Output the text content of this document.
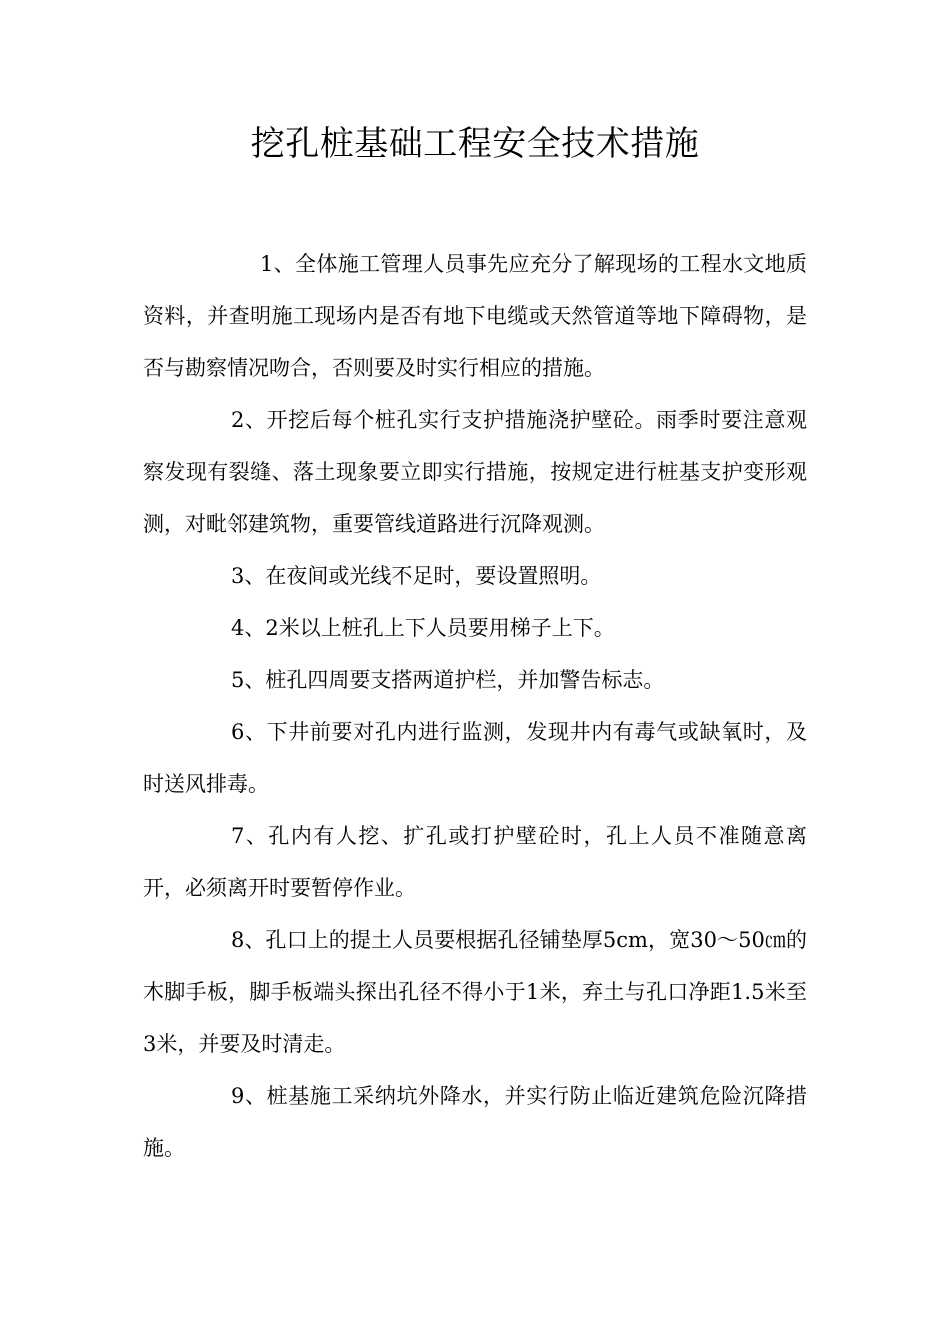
挖孔桩基础工程安全技术措施

1、全体施工管理人员事先应充分了解现场的工程水文地质资料，并查明施工现场内是否有地下电缆或天然管道等地下障碍物，是否与勘察情况吻合，否则要及时实行相应的措施。

2、开挖后每个桩孔实行支护措施浇护壁砼。雨季时要注意观察发现有裂缝、落土现象要立即实行措施，按规定进行桩基支护变形观测，对毗邻建筑物，重要管线道路进行沉降观测。

3、在夜间或光线不足时，要设置照明。

4、2米以上桩孔上下人员要用梯子上下。

5、桩孔四周要支搭两道护栏，并加警告标志。

6、下井前要对孔内进行监测，发现井内有毒气或缺氧时，及时送风排毒。

7、孔内有人挖、扩孔或打护壁砼时，孔上人员不准随意离开，必须离开时要暂停作业。

8、孔口上的提土人员要根据孔径铺垫厚5cm，宽30～50㎝的木脚手板，脚手板端头探出孔径不得小于1米，弃土与孔口净距1.5米至3米，并要及时清走。

9、桩基施工采纳坑外降水，并实行防止临近建筑危险沉降措施。
